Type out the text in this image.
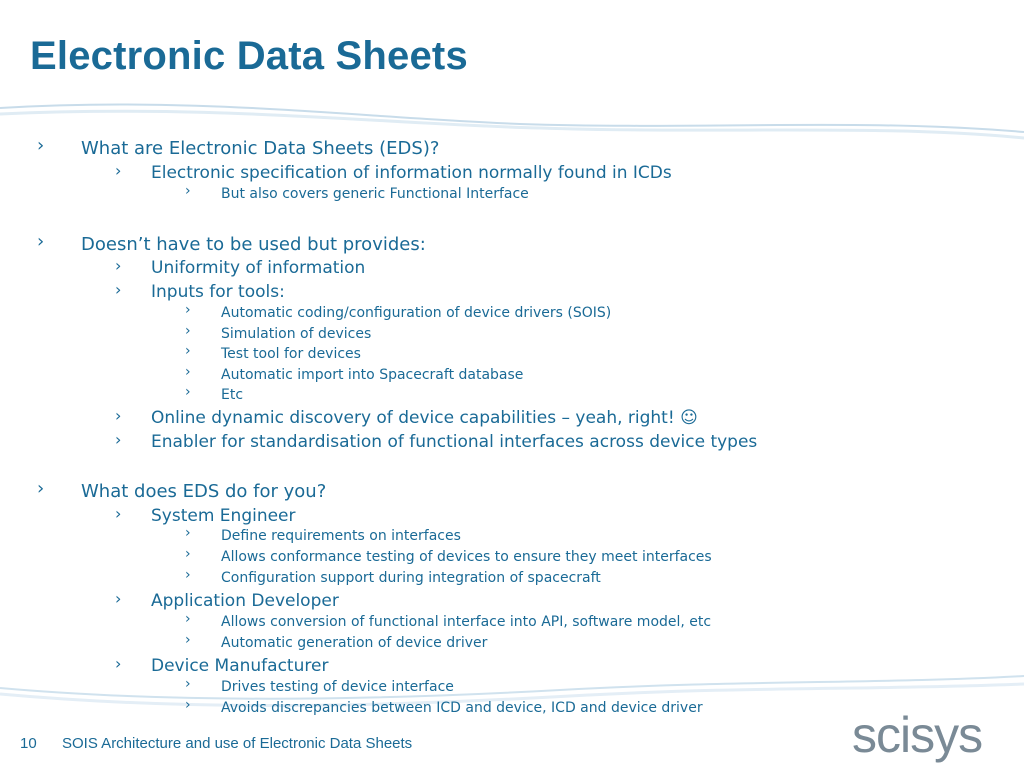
Electronic Data Sheets
› What are Electronic Data Sheets (EDS)?
› Electronic specification of information normally found in ICDs
› But also covers generic Functional Interface
› Doesn’t have to be used but provides:
› Uniformity of information
› Inputs for tools:
› Automatic coding/configuration of device drivers (SOIS)
› Simulation of devices
› Test tool for devices
› Automatic import into Spacecraft database
› Etc
› Online dynamic discovery of device capabilities – yeah, right! ☺
› Enabler for standardisation of functional interfaces across device types
› What does EDS do for you?
› System Engineer
› Define requirements on interfaces
› Allows conformance testing of devices to ensure they meet interfaces
› Configuration support during integration of spacecraft
› Application Developer
› Allows conversion of functional interface into API, software model, etc
› Automatic generation of device driver
› Device Manufacturer
› Drives testing of device interface
› Avoids discrepancies between ICD and device, ICD and device driver
10 SOIS Architecture and use of Electronic Data Sheets	scisys
